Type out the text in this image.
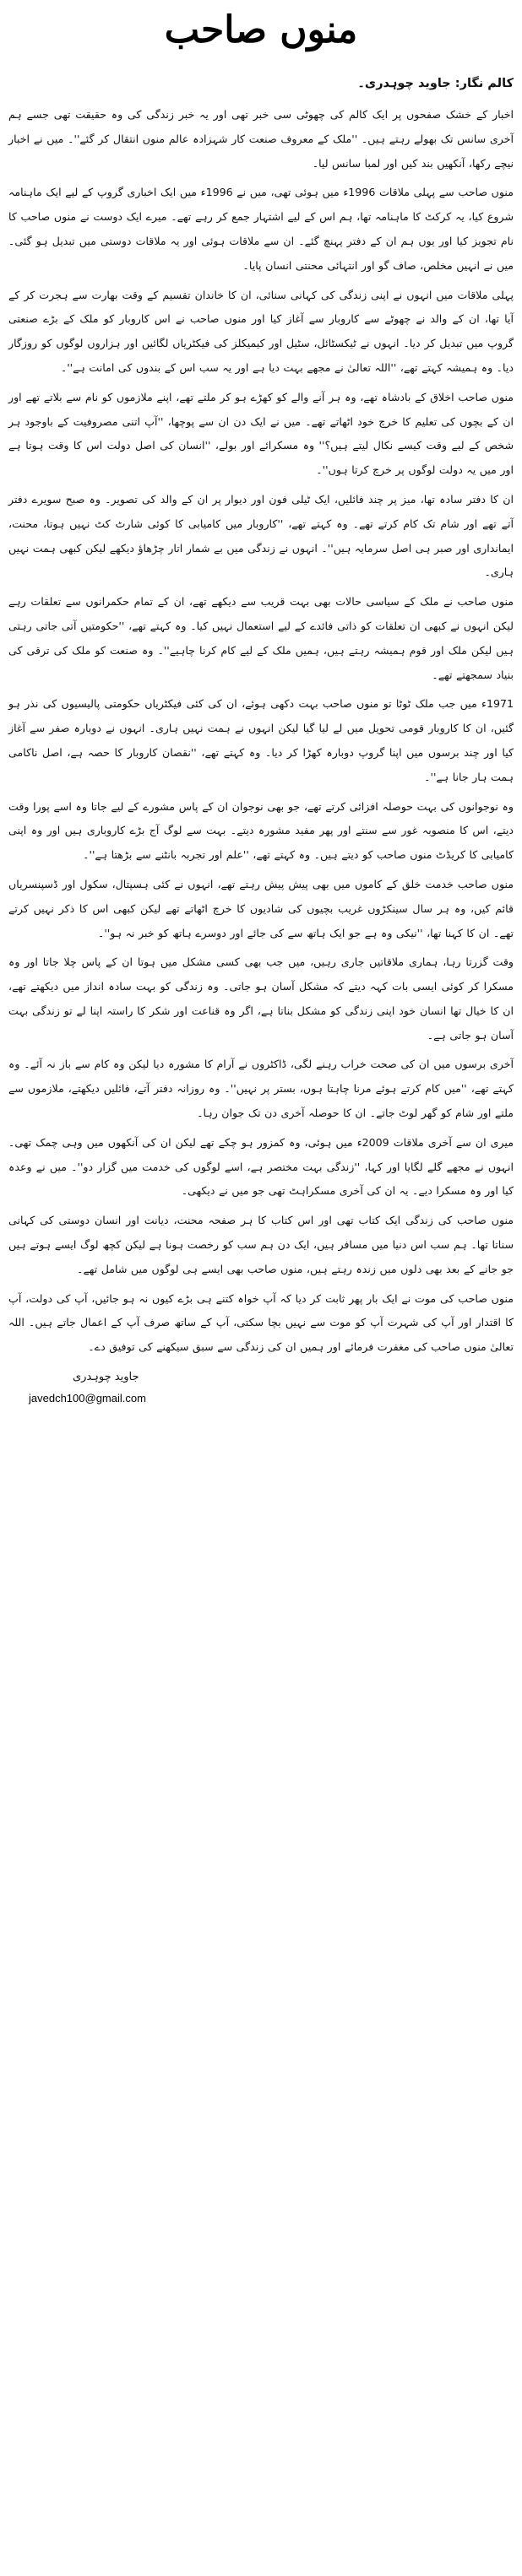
منوں صاحب
کالم نگار: جاوید چوہدری۔

اخبار کے خشک صفحوں پر ایک کالم کی چھوٹی سی خبر تھی اور یہ خبر زندگی کی وہ حقیقت تھی جسے ہم آخری سانس تک بھولے رہتے ہیں۔ ''ملک کے معروف صنعت کار شہزادہ عالم منوں انتقال کر گئے''۔ میں نے اخبار نیچے رکھا، آنکھیں بند کیں اور لمبا سانس لیا۔

منوں صاحب سے پہلی ملاقات 1996ء میں ہوئی تھی، میں نے 1996ء میں ایک اخباری گروپ کے لیے ایک ماہنامہ شروع کیا، یہ کرکٹ کا ماہنامہ تھا، ہم اس کے لیے اشتہار جمع کر رہے تھے۔ میرے ایک دوست نے منوں صاحب کا نام تجویز کیا اور یوں ہم ان کے دفتر پہنچ گئے۔ ان سے ملاقات ہوئی اور یہ ملاقات دوستی میں تبدیل ہو گئی۔ میں نے انہیں مخلص، صاف گو اور انتہائی محنتی انسان پایا۔

پہلی ملاقات میں انہوں نے اپنی زندگی کی کہانی سنائی، ان کا خاندان تقسیم کے وقت بھارت سے ہجرت کر کے آیا تھا، ان کے والد نے چھوٹے سے کاروبار سے آغاز کیا اور منوں صاحب نے اس کاروبار کو ملک کے بڑے صنعتی گروپ میں تبدیل کر دیا۔ انہوں نے ٹیکسٹائل، سٹیل اور کیمیکلز کی فیکٹریاں لگائیں اور ہزاروں لوگوں کو روزگار دیا۔ وہ ہمیشہ کہتے تھے، ''اللہ تعالیٰ نے مجھے بہت دیا ہے اور یہ سب اس کے بندوں کی امانت ہے''۔

منوں صاحب اخلاق کے بادشاہ تھے، وہ ہر آنے والے کو کھڑے ہو کر ملتے تھے، اپنے ملازموں کو نام سے بلاتے تھے اور ان کے بچوں کی تعلیم کا خرچ خود اٹھاتے تھے۔ میں نے ایک دن ان سے پوچھا، ''آپ اتنی مصروفیت کے باوجود ہر شخص کے لیے وقت کیسے نکال لیتے ہیں؟'' وہ مسکرائے اور بولے، ''انسان کی اصل دولت اس کا وقت ہوتا ہے اور میں یہ دولت لوگوں پر خرچ کرتا ہوں''۔

ان کا دفتر سادہ تھا، میز پر چند فائلیں، ایک ٹیلی فون اور دیوار پر ان کے والد کی تصویر۔ وہ صبح سویرے دفتر آتے تھے اور شام تک کام کرتے تھے۔ وہ کہتے تھے، ''کاروبار میں کامیابی کا کوئی شارٹ کٹ نہیں ہوتا، محنت، ایمانداری اور صبر ہی اصل سرمایہ ہیں''۔ انہوں نے زندگی میں بے شمار اتار چڑھاؤ دیکھے لیکن کبھی ہمت نہیں ہاری۔

منوں صاحب نے ملک کے سیاسی حالات بھی بہت قریب سے دیکھے تھے، ان کے تمام حکمرانوں سے تعلقات رہے لیکن انہوں نے کبھی ان تعلقات کو ذاتی فائدے کے لیے استعمال نہیں کیا۔ وہ کہتے تھے، ''حکومتیں آتی جاتی رہتی ہیں لیکن ملک اور قوم ہمیشہ رہتے ہیں، ہمیں ملک کے لیے کام کرنا چاہیے''۔ وہ صنعت کو ملک کی ترقی کی بنیاد سمجھتے تھے۔

1971ء میں جب ملک ٹوٹا تو منوں صاحب بہت دکھی ہوئے، ان کی کئی فیکٹریاں حکومتی پالیسیوں کی نذر ہو گئیں، ان کا کاروبار قومی تحویل میں لے لیا گیا لیکن انہوں نے ہمت نہیں ہاری۔ انہوں نے دوبارہ صفر سے آغاز کیا اور چند برسوں میں اپنا گروپ دوبارہ کھڑا کر دیا۔ وہ کہتے تھے، ''نقصان کاروبار کا حصہ ہے، اصل ناکامی ہمت ہار جانا ہے''۔

وہ نوجوانوں کی بہت حوصلہ افزائی کرتے تھے، جو بھی نوجوان ان کے پاس مشورے کے لیے جاتا وہ اسے پورا وقت دیتے، اس کا منصوبہ غور سے سنتے اور پھر مفید مشورہ دیتے۔ بہت سے لوگ آج بڑے کاروباری ہیں اور وہ اپنی کامیابی کا کریڈٹ منوں صاحب کو دیتے ہیں۔ وہ کہتے تھے، ''علم اور تجربہ بانٹنے سے بڑھتا ہے''۔

منوں صاحب خدمت خلق کے کاموں میں بھی پیش پیش رہتے تھے، انہوں نے کئی ہسپتال، سکول اور ڈسپنسریاں قائم کیں، وہ ہر سال سینکڑوں غریب بچیوں کی شادیوں کا خرچ اٹھاتے تھے لیکن کبھی اس کا ذکر نہیں کرتے تھے۔ ان کا کہنا تھا، ''نیکی وہ ہے جو ایک ہاتھ سے کی جائے اور دوسرے ہاتھ کو خبر نہ ہو''۔

وقت گزرتا رہا، ہماری ملاقاتیں جاری رہیں، میں جب بھی کسی مشکل میں ہوتا ان کے پاس چلا جاتا اور وہ مسکرا کر کوئی ایسی بات کہہ دیتے کہ مشکل آسان ہو جاتی۔ وہ زندگی کو بہت سادہ انداز میں دیکھتے تھے، ان کا خیال تھا انسان خود اپنی زندگی کو مشکل بناتا ہے، اگر وہ قناعت اور شکر کا راستہ اپنا لے تو زندگی بہت آسان ہو جاتی ہے۔

آخری برسوں میں ان کی صحت خراب رہنے لگی، ڈاکٹروں نے آرام کا مشورہ دیا لیکن وہ کام سے باز نہ آئے۔ وہ کہتے تھے، ''میں کام کرتے ہوئے مرنا چاہتا ہوں، بستر پر نہیں''۔ وہ روزانہ دفتر آتے، فائلیں دیکھتے، ملازموں سے ملتے اور شام کو گھر لوٹ جاتے۔ ان کا حوصلہ آخری دن تک جوان رہا۔

میری ان سے آخری ملاقات 2009ء میں ہوئی، وہ کمزور ہو چکے تھے لیکن ان کی آنکھوں میں وہی چمک تھی۔ انہوں نے مجھے گلے لگایا اور کہا، ''زندگی بہت مختصر ہے، اسے لوگوں کی خدمت میں گزار دو''۔ میں نے وعدہ کیا اور وہ مسکرا دیے۔ یہ ان کی آخری مسکراہٹ تھی جو میں نے دیکھی۔

منوں صاحب کی زندگی ایک کتاب تھی اور اس کتاب کا ہر صفحہ محنت، دیانت اور انسان دوستی کی کہانی سناتا تھا۔ ہم سب اس دنیا میں مسافر ہیں، ایک دن ہم سب کو رخصت ہونا ہے لیکن کچھ لوگ ایسے ہوتے ہیں جو جانے کے بعد بھی دلوں میں زندہ رہتے ہیں، منوں صاحب بھی ایسے ہی لوگوں میں شامل تھے۔

منوں صاحب کی موت نے ایک بار پھر ثابت کر دیا کہ آپ خواہ کتنے ہی بڑے کیوں نہ ہو جائیں، آپ کی دولت، آپ کا اقتدار اور آپ کی شہرت آپ کو موت سے نہیں بچا سکتی، آپ کے ساتھ صرف آپ کے اعمال جاتے ہیں۔ اللہ تعالیٰ منوں صاحب کی مغفرت فرمائے اور ہمیں ان کی زندگی سے سبق سیکھنے کی توفیق دے۔

جاوید چوہدری
javedch100@gmail.com
